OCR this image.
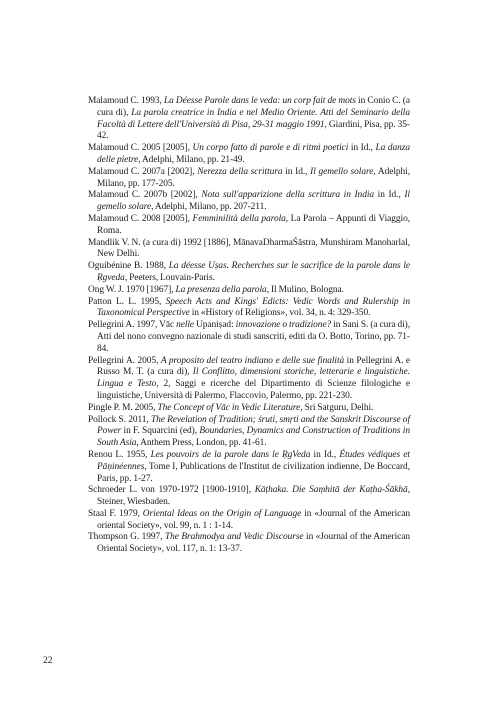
Malamoud C. 1993, La Déesse Parole dans le veda: un corp fait de mots in Conio C. (a cura di), La parola creatrice in India e nel Medio Oriente. Atti del Seminario della Facoltà di Lettere dell'Università di Pisa, 29-31 maggio 1991, Giardini, Pisa, pp. 35-42.
Malamoud C. 2005 [2005], Un corpo fatto di parole e di ritmi poetici in Id., La danza delle pietre, Adelphi, Milano, pp. 21-49.
Malamoud C. 2007a [2002], Nerezza della scrittura in Id., Il gemello solare, Adelphi, Milano, pp. 177-205.
Malamoud C. 2007b [2002], Nota sull'apparizione della scrittura in India in Id., Il gemello solare, Adelphi, Milano, pp. 207-211.
Malamoud C. 2008 [2005], Femminilità della parola, La Parola – Appunti di Viaggio, Roma.
Mandlik V. N. (a cura di) 1992 [1886], MānavaDharmaŚāstra, Munshiram Manoharlal, New Delhi.
Oguibénine B. 1988, La déesse Uṣas. Recherches sur le sacrifice de la parole dans le Ṛgveda, Peeters, Louvain-Paris.
Ong W. J. 1970 [1967], La presenza della parola, Il Mulino, Bologna.
Patton L. L. 1995, Speech Acts and Kings' Edicts: Vedic Words and Rulership in Taxonomical Perspective in «History of Religions», vol. 34, n. 4: 329-350.
Pellegrini A. 1997, Vāc nelle Upaniṣad: innovazione o tradizione? in Sani S. (a cura di), Atti del nono convegno nazionale di studi sanscriti, editi da O. Botto, Torino, pp. 71-84.
Pellegrini A. 2005, A proposito del teatro indiano e delle sue finalità in Pellegrini A. e Russo M. T. (a cura di), Il Conflitto, dimensioni storiche, letterarie e linguistiche. Lingua e Testo, 2, Saggi e ricerche del Dipartimento di Scienze filologiche e linguistiche, Università di Palermo, Flaccovio, Palermo, pp. 221-230.
Pingle P. M. 2005, The Concept of Vāc in Vedic Literature, Sri Satguru, Delhi.
Pollock S. 2011, The Revelation of Tradition; śruti, smṛti and the Sanskrit Discourse of Power in F. Squarcini (ed), Boundaries, Dynamics and Construction of Traditions in South Asia, Anthem Press, London, pp. 41-61.
Renou L. 1955, Les pouvoirs de la parole dans le ṚgVeda in Id., Études védiques et Pāṇinéennes, Tome I, Publications de l'Institut de civilization indienne, De Boccard, Paris, pp. 1-27.
Schroeder L. von 1970-1972 [1900-1910], Kāṭhaka. Die Saṃhitā der Kaṭha-Śākhā, Steiner, Wiesbaden.
Staal F. 1979, Oriental Ideas on the Origin of Language in «Journal of the American oriental Society», vol. 99, n. 1 : 1-14.
Thompson G. 1997, The Brahmodya and Vedic Discourse in «Journal of the American Oriental Society», vol. 117, n. 1: 13-37.
22
